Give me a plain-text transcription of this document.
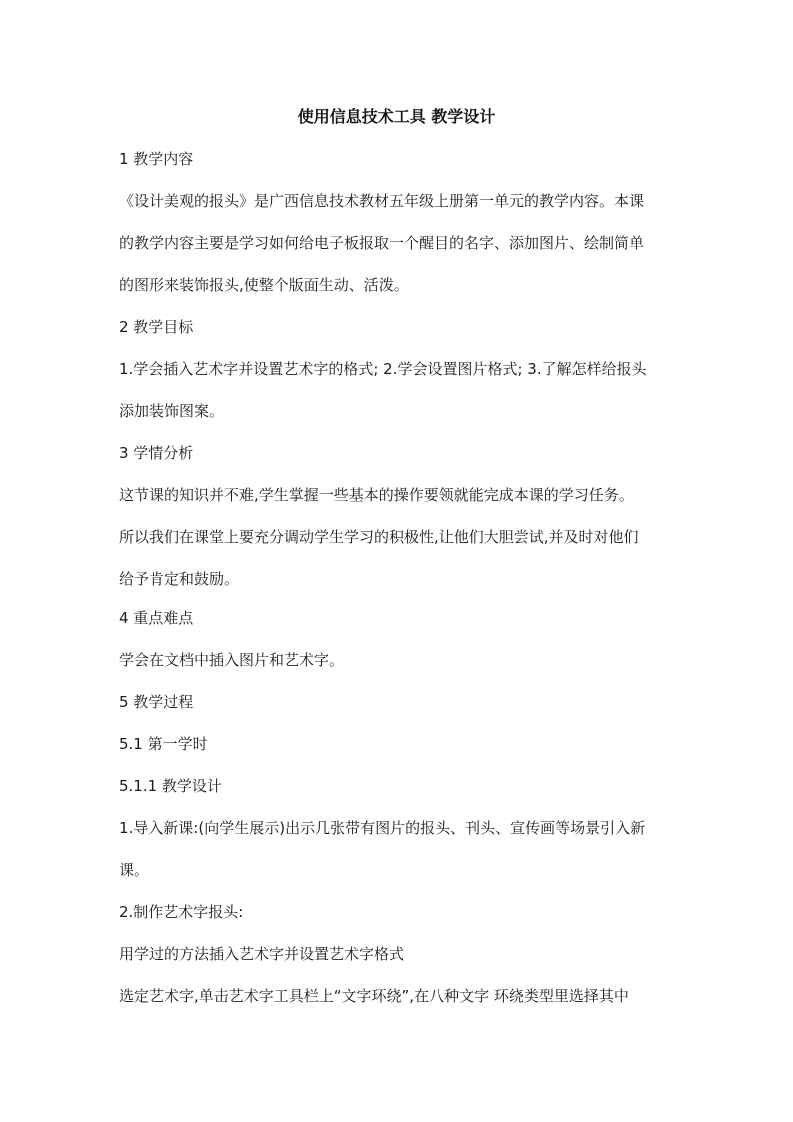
使用信息技术工具 教学设计
1 教学内容
《设计美观的报头》是广西信息技术教材五年级上册第一单元的教学内容。本课
的教学内容主要是学习如何给电子板报取一个醒目的名字、添加图片、绘制简单
的图形来装饰报头,使整个版面生动、活泼。
2 教学目标
1.学会插入艺术字并设置艺术字的格式; 2.学会设置图片格式; 3.了解怎样给报头
添加装饰图案。
3 学情分析
这节课的知识并不难,学生掌握一些基本的操作要领就能完成本课的学习任务。
所以我们在课堂上要充分调动学生学习的积极性,让他们大胆尝试,并及时对他们
给予肯定和鼓励。
4 重点难点
学会在文档中插入图片和艺术字。
5 教学过程
5.1 第一学时
5.1.1 教学设计
1.导入新课:(向学生展示)出示几张带有图片的报头、刊头、宣传画等场景引入新
课。
2.制作艺术字报头:
用学过的方法插入艺术字并设置艺术字格式
选定艺术字,单击艺术字工具栏上“文字环绕”,在八种文字 环绕类型里选择其中
